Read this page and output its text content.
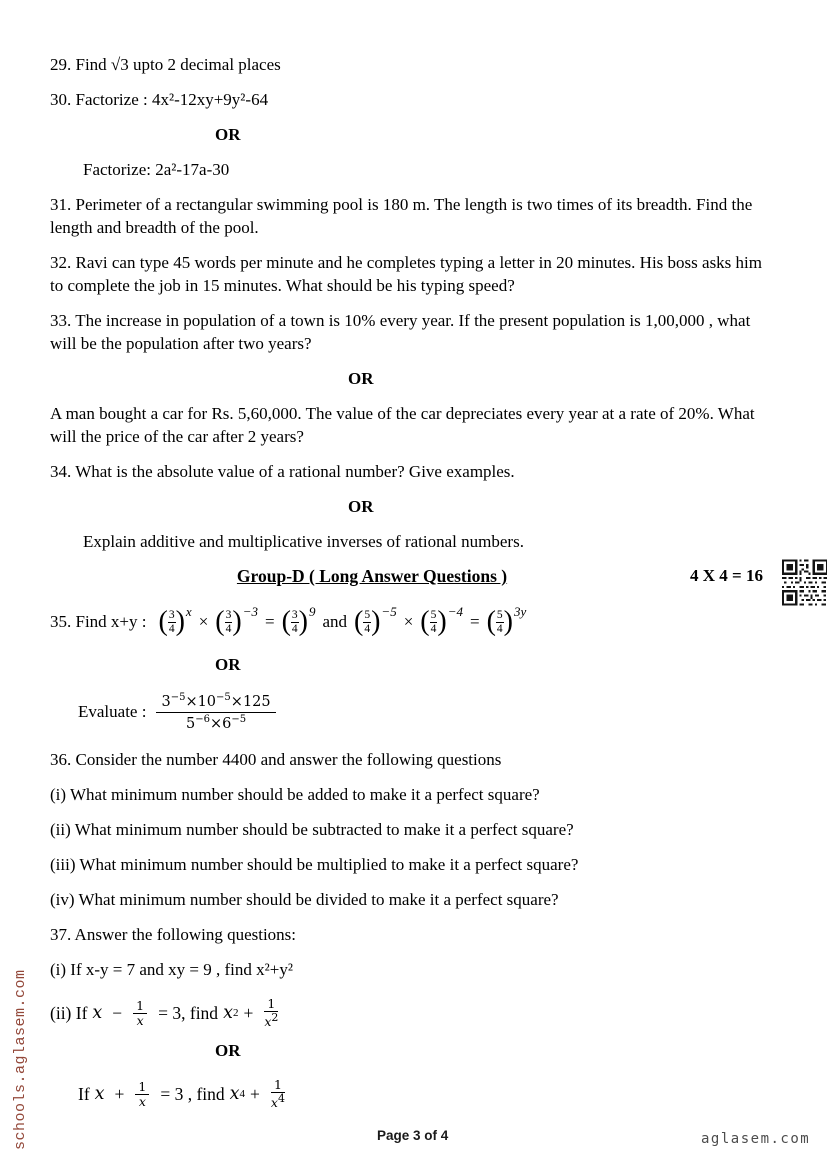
29. Find √3 upto 2 decimal places

30. Factorize : 4x²-12xy+9y²-64

OR

Factorize: 2a²-17a-30

31. Perimeter of a rectangular swimming pool is 180 m. The length is two times of its breadth. Find the length and breadth of the pool.

32. Ravi can type 45 words per minute and he completes typing a letter in 20 minutes. His boss asks him to complete the job in 15 minutes. What should be his typing speed?

33. The increase in population of a town is 10% every year. If the present population is 1,00,000 , what will be the population after two years?

OR

A man bought a car for Rs. 5,60,000. The value of the car depreciates every year at a rate of 20%. What will the price of the car after 2 years?

34. What is the absolute value of a rational number? Give examples.

OR

Explain additive and multiplicative inverses of rational numbers.

Group-D ( Long Answer Questions )	4 X 4 = 16
35. Find x+y : ( $\frac{3}{4}$ ) x
× ( $\frac{3}{4}$ ) −3
= ( $\frac{3}{4}$ ) 9
and ( $\frac{5}{4}$ ) −5
× ( $\frac{5}{4}$ ) −4
= ( $\frac{5}{4}$ ) 3y

OR

Evaluate :
$3^{-5}\times 10^{-5}\times 125$
$5^{-6}\times 6^{-5}$

36. Consider the number 4400 and answer the following questions

(i) What minimum number should be added to make it a perfect square?

(ii) What minimum number should be subtracted to make it a perfect square?

(iii) What minimum number should be multiplied to make it a perfect square?

(iv) What minimum number should be divided to make it a perfect square?

37. Answer the following questions:

(i) If x-y = 7 and xy = 9 , find x²+y²

(ii) If $x - \frac{1}{x} = 3$, find x $2 + \frac{1}{x^2}$

OR

If $x + \frac{1}{x} = 3$ , find x $4 + \frac{1}{x^4}$
schools.aglasem.com	Page 3 of 4	aglasem.com
